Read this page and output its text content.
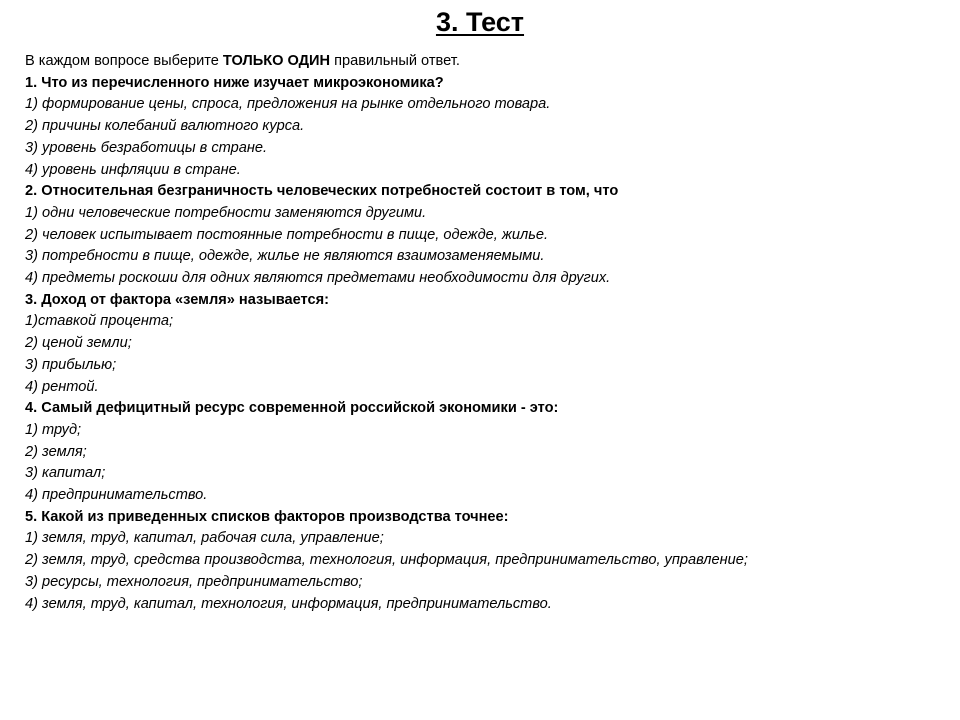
3. Тест

В каждом вопросе выберите ТОЛЬКО ОДИН правильный ответ.

1. Что из перечисленного ниже изучает микроэкономика?

1) формирование цены, спроса, предложения на рынке отдельного товара.

2) причины колебаний валютного курса.

3) уровень безработицы в стране.

4) уровень инфляции в стране.

2. Относительная безграничность человеческих потребностей состоит в том, что

1) одни человеческие потребности заменяются другими.

2) человек испытывает постоянные потребности в пище, одежде, жилье.

3) потребности в пище, одежде, жилье не являются взаимозаменяемыми.

4) предметы роскоши для одних являются предметами необходимости для других.

3. Доход от фактора «земля» называется:

1)ставкой процента;

2) ценой земли;

3) прибылью;

4) рентой.

4. Самый дефицитный ресурс современной российской экономики - это:

1) труд;

2) земля;

3) капитал;

4) предпринимательство.

5. Какой из приведенных списков факторов производства точнее:

1) земля, труд, капитал, рабочая сила, управление;

2) земля, труд, средства производства, технология, информация, предпринимательство, управление;

3) ресурсы, технология, предпринимательство;

4) земля, труд, капитал, технология, информация, предпринимательство.
